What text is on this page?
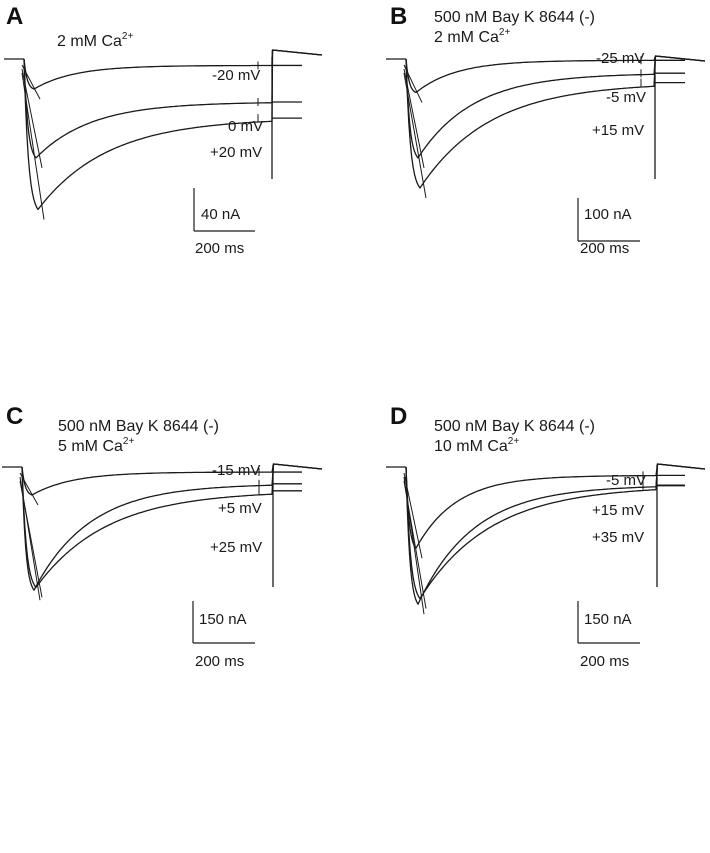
A
2 mM $Ca^{2+}$
-20 mV
0 mV
+20 mV
40 nA
200 ms
B 500 nM Bay K 8644 (-)
2 mM $Ca^{2+}$
-25 mV
-5 mV
+15 mV
100 nA
200 ms
C 500 nM Bay K 8644 (-)
5 mM $Ca^{2+}$
-15 mV
+5 mV
+25 mV
150 nA
200 ms
D 500 nM Bay K 8644 (-)
10 mM $Ca^{2+}$
-5 mV
+15 mV
+35 mV
150 nA
200 ms
